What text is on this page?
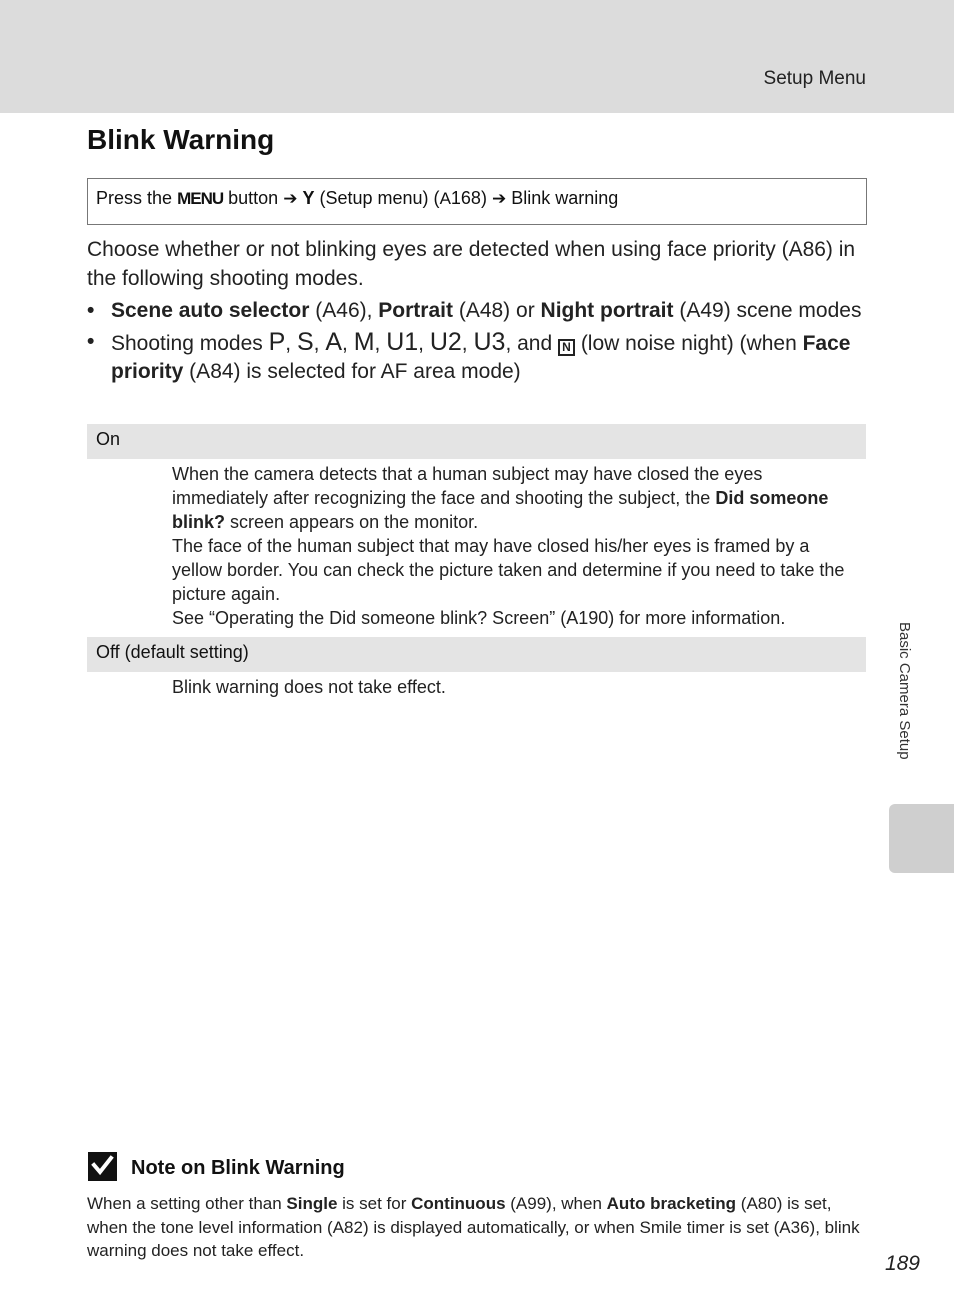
Setup Menu
Blink Warning
Press the MENU button ➔ Y (Setup menu) (A168) ➔ Blink warning

Choose whether or not blinking eyes are detected when using face priority (A86) in the following shooting modes.

• Scene auto selector (A46), Portrait (A48) or Night portrait (A49) scene modes
• Shooting modes P, S, A, M, U1, U2, U3, and N (low noise night) (when Face priority (A84) is selected for AF area mode)
On

When the camera detects that a human subject may have closed the eyes immediately after recognizing the face and shooting the subject, the Did someone blink? screen appears on the monitor.
The face of the human subject that may have closed his/her eyes is framed by a yellow border. You can check the picture taken and determine if you need to take the picture again.
See “Operating the Did someone blink? Screen” (A190) for more information.

Off (default setting)

Blink warning does not take effect.	Basic Camera Setup
Note on Blink Warning

When a setting other than Single is set for Continuous (A99), when Auto bracketing (A80) is set, when the tone level information (A82) is displayed automatically, or when Smile timer is set (A36), blink warning does not take effect.

189
